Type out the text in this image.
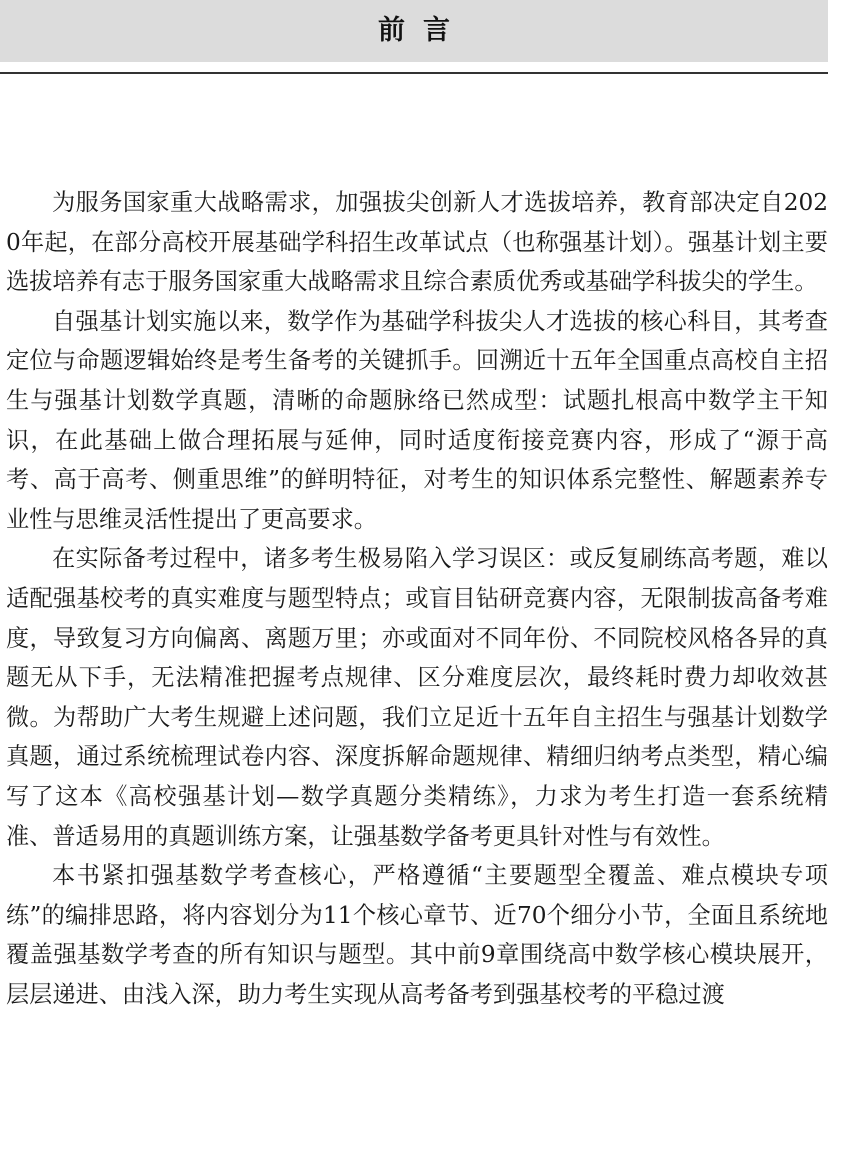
前言

为服务国家重大战略需求，加强拔尖创新人才选拔培养，教育部决定自2020年起，在部分高校开展基础学科招生改革试点（也称强基计划）。强基计划主要选拔培养有志于服务国家重大战略需求且综合素质优秀或基础学科拔尖的学生。

自强基计划实施以来，数学作为基础学科拔尖人才选拔的核心科目，其考查定位与命题逻辑始终是考生备考的关键抓手。回溯近十五年全国重点高校自主招生与强基计划数学真题，清晰的命题脉络已然成型：试题扎根高中数学主干知识，在此基础上做合理拓展与延伸，同时适度衔接竞赛内容，形成了“源于高考、高于高考、侧重思维”的鲜明特征，对考生的知识体系完整性、解题素养专业性与思维灵活性提出了更高要求。

在实际备考过程中，诸多考生极易陷入学习误区：或反复刷练高考题，难以适配强基校考的真实难度与题型特点；或盲目钻研竞赛内容，无限制拔高备考难度，导致复习方向偏离、离题万里；亦或面对不同年份、不同院校风格各异的真题无从下手，无法精准把握考点规律、区分难度层次，最终耗时费力却收效甚微。为帮助广大考生规避上述问题，我们立足近十五年自主招生与强基计划数学真题，通过系统梳理试卷内容、深度拆解命题规律、精细归纳考点类型，精心编写了这本《高校强基计划—数学真题分类精练》，力求为考生打造一套系统精准、普适易用的真题训练方案，让强基数学备考更具针对性与有效性。

本书紧扣强基数学考查核心，严格遵循“主要题型全覆盖、难点模块专项练”的编排思路，将内容划分为11个核心章节、近70个细分小节，全面且系统地覆盖强基数学考查的所有知识与题型。其中前9章围绕高中数学核心模块展开，层层递进、由浅入深，助力考生实现从高考备考到强基校考的平稳过渡
